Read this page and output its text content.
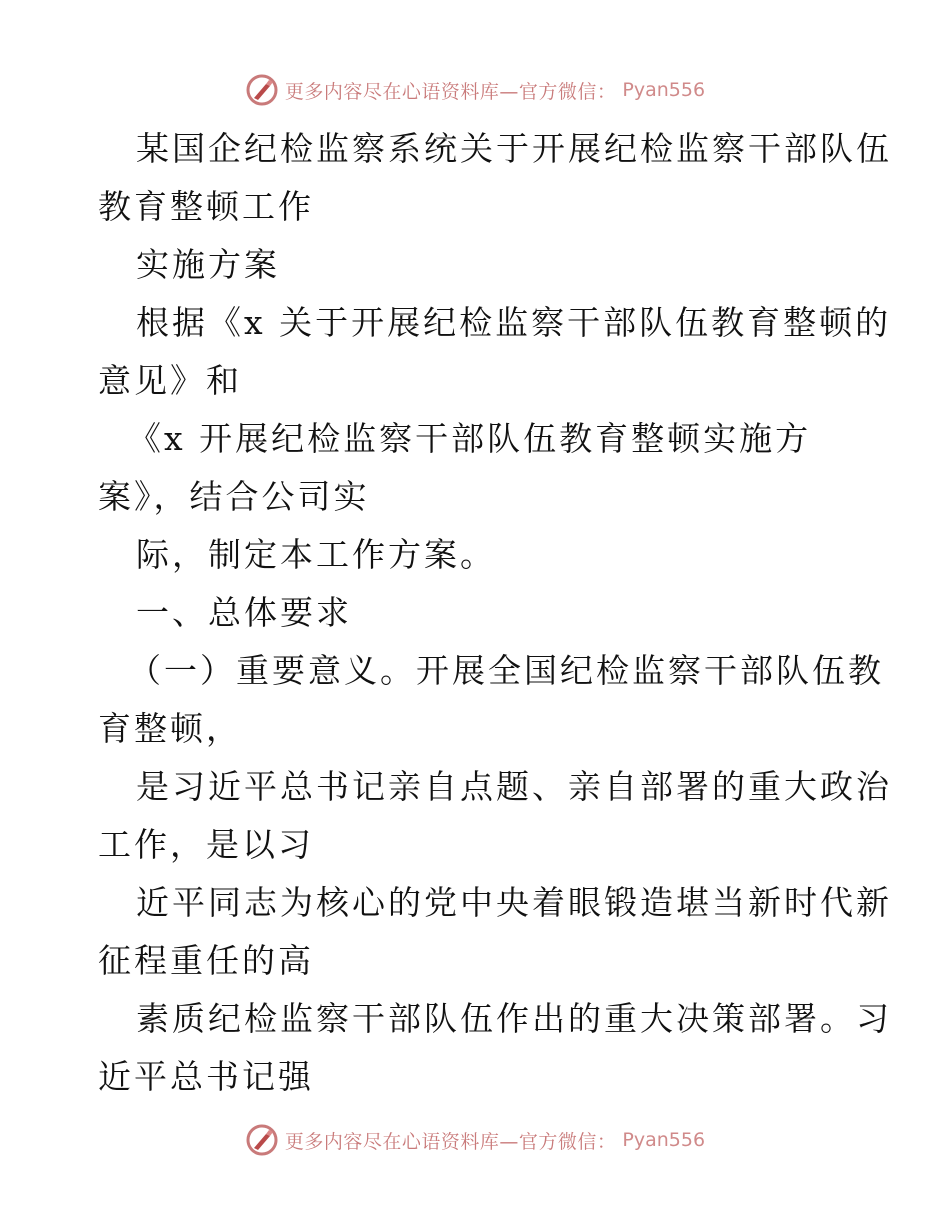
更多内容尽在心语资料库—官方微信： Pyan556
某国企纪检监察系统关于开展纪检监察干部队伍
教育整顿工作
实施方案
根据《x 关于开展纪检监察干部队伍教育整顿的
意见》和
《x 开展纪检监察干部队伍教育整顿实施方
案》，结合公司实
际，制定本工作方案。
一、总体要求
（一）重要意义。开展全国纪检监察干部队伍教
育整顿，
是习近平总书记亲自点题、亲自部署的重大政治
工作，是以习
近平同志为核心的党中央着眼锻造堪当新时代新
征程重任的高
素质纪检监察干部队伍作出的重大决策部署。习
近平总书记强
更多内容尽在心语资料库—官方微信： Pyan556
